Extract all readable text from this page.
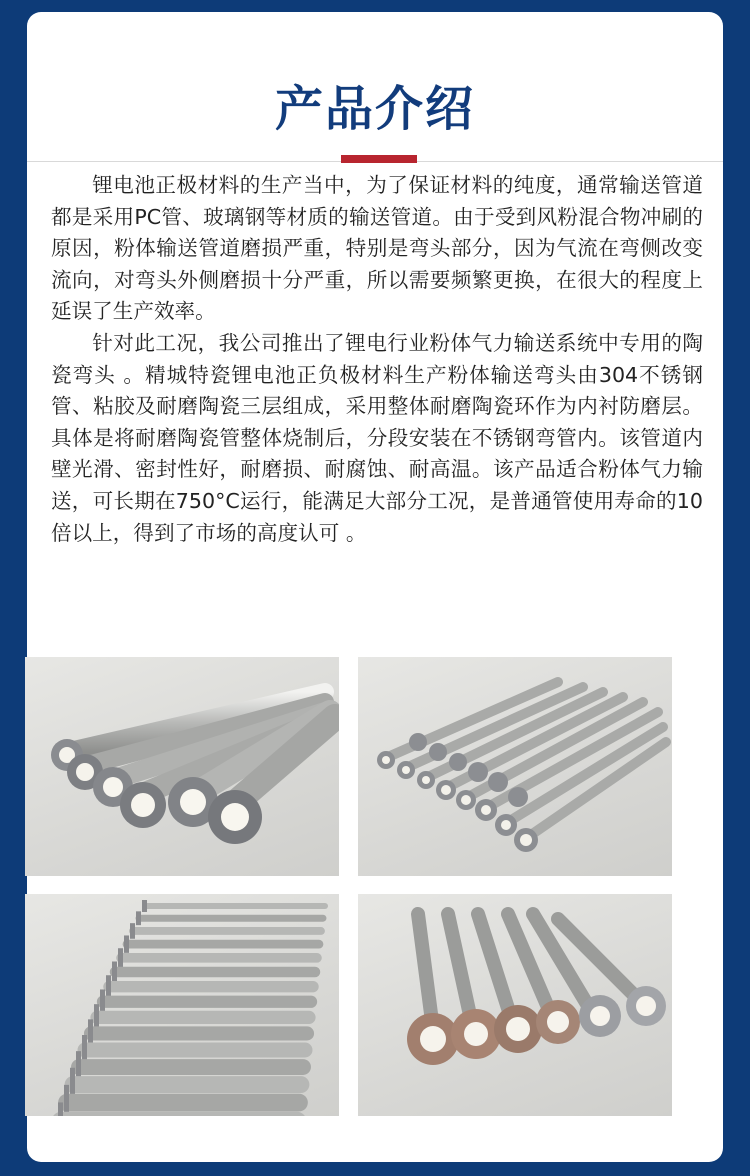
产品介绍

锂电池正极材料的生产当中，为了保证材料的纯度，通常输送管道都是采用PC管、玻璃钢等材质的输送管道。由于受到风粉混合物冲刷的原因，粉体输送管道磨损严重，特别是弯头部分，因为气流在弯侧改变流向，对弯头外侧磨损十分严重，所以需要频繁更换，在很大的程度上延误了生产效率。

针对此工况，我公司推出了锂电行业粉体气力输送系统中专用的陶瓷弯头 。精城特瓷锂电池正负极材料生产粉体输送弯头由304不锈钢管、粘胶及耐磨陶瓷三层组成，采用整体耐磨陶瓷环作为内衬防磨层。具体是将耐磨陶瓷管整体烧制后，分段安装在不锈钢弯管内。该管道内壁光滑、密封性好，耐磨损、耐腐蚀、耐高温。该产品适合粉体气力输送，可长期在750°C运行，能满足大部分工况，是普通管使用寿命的10倍以上，得到了市场的高度认可 。
